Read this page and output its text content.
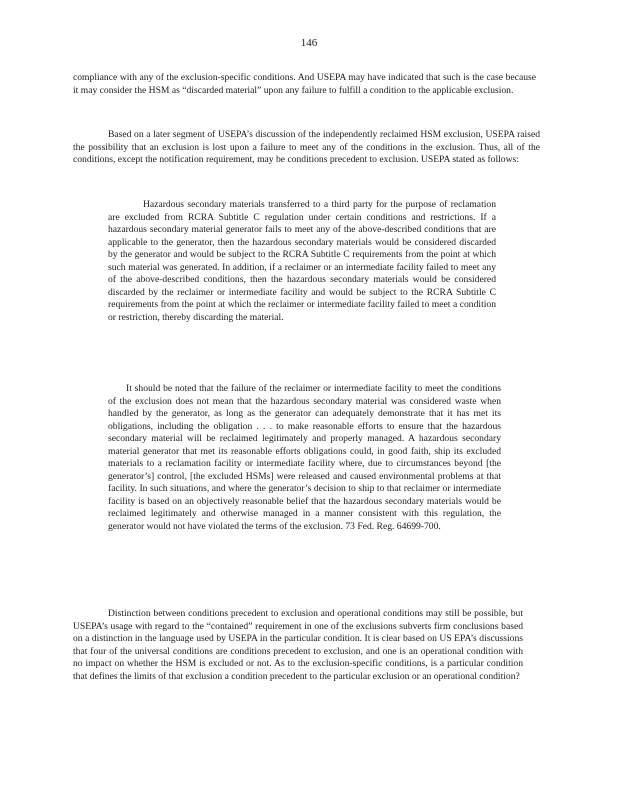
146

compliance with any of the exclusion-specific conditions. And USEPA may have indicated that such is the case because it may consider the HSM as “discarded material” upon any failure to fulfill a condition to the applicable exclusion.

Based on a later segment of USEPA’s discussion of the independently reclaimed HSM exclusion, USEPA raised the possibility that an exclusion is lost upon a failure to meet any of the conditions in the exclusion. Thus, all of the conditions, except the notification requirement, may be conditions precedent to exclusion. USEPA stated as follows:

Hazardous secondary materials transferred to a third party for the purpose of reclamation are excluded from RCRA Subtitle C regulation under certain conditions and restrictions. If a hazardous secondary material generator fails to meet any of the above-described conditions that are applicable to the generator, then the hazardous secondary materials would be considered discarded by the generator and would be subject to the RCRA Subtitle C requirements from the point at which such material was generated. In addition, if a reclaimer or an intermediate facility failed to meet any of the above-described conditions, then the hazardous secondary materials would be considered discarded by the reclaimer or intermediate facility and would be subject to the RCRA Subtitle C requirements from the point at which the reclaimer or intermediate facility failed to meet a condition or restriction, thereby discarding the material.

It should be noted that the failure of the reclaimer or intermediate facility to meet the conditions of the exclusion does not mean that the hazardous secondary material was considered waste when handled by the generator, as long as the generator can adequately demonstrate that it has met its obligations, including the obligation . . . to make reasonable efforts to ensure that the hazardous secondary material will be reclaimed legitimately and properly managed. A hazardous secondary material generator that met its reasonable efforts obligations could, in good faith, ship its excluded materials to a reclamation facility or intermediate facility where, due to circumstances beyond [the generator’s] control, [the excluded HSMs] were released and caused environmental problems at that facility. In such situations, and where the generator’s decision to ship to that reclaimer or intermediate facility is based on an objectively reasonable belief that the hazardous secondary materials would be reclaimed legitimately and otherwise managed in a manner consistent with this regulation, the generator would not have violated the terms of the exclusion. 73 Fed. Reg. 64699-700.

Distinction between conditions precedent to exclusion and operational conditions may still be possible, but USEPA’s usage with regard to the “contained” requirement in one of the exclusions subverts firm conclusions based on a distinction in the language used by USEPA in the particular condition. It is clear based on US EPA’s discussions that four of the universal conditions are conditions precedent to exclusion, and one is an operational condition with no impact on whether the HSM is excluded or not. As to the exclusion-specific conditions, is a particular condition that defines the limits of that exclusion a condition precedent to the particular exclusion or an operational condition?
